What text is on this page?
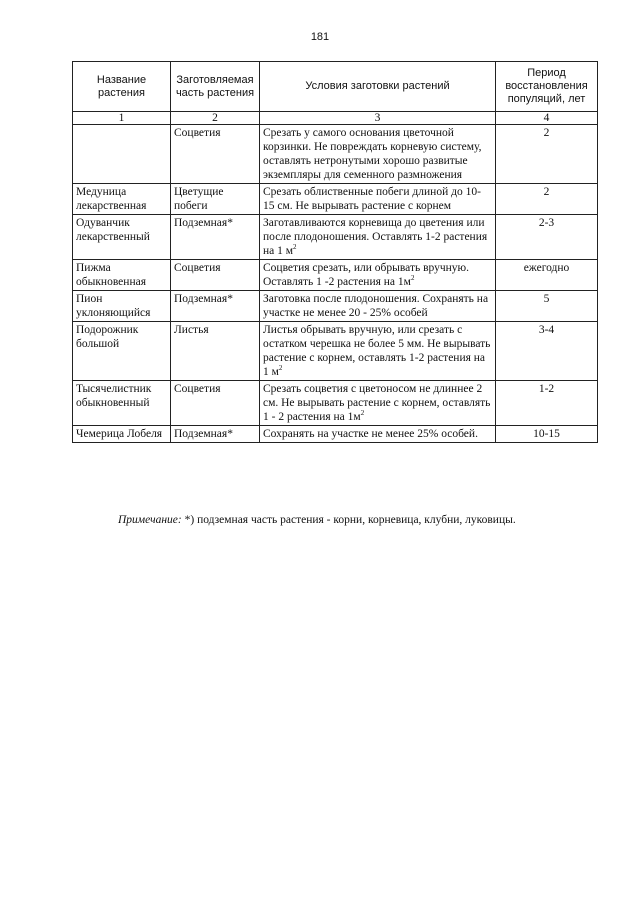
181
Название растения	Заготовляемая часть растения	Условия заготовки растений	Период восстановления популяций, лет
1	2	3	4
	Соцветия	Срезать у самого основания цветочной корзинки. Не повреждать корневую систему, оставлять нетронутыми хорошо развитые экземпляры для семенного размножения	2
Медуница лекарственная	Цветущие побеги	Срезать облиственные побеги длиной до 10-15 см. Не вырывать растение с корнем	2
Одуванчик лекарственный	Подземная*	Заготавливаются корневища до цветения или после плодоношения. Оставлять 1-2 растения на 1 $м^2$	2-3
Пижма обыкновенная	Соцветия	Соцветия срезать, или обрывать вручную. Оставлять 1 -2 растения на $1м^2$	ежегодно
Пион уклоняющийся	Подземная*	Заготовка после плодоношения. Сохранять на участке не менее 20 - 25% особей	5
Подорожник большой	Листья	Листья обрывать вручную, или срезать с остатком черешка не более 5 мм. Не вырывать растение с корнем, оставлять 1-2 растения на 1 $м^2$	3-4
Тысячелистник обыкновенный	Соцветия	Срезать соцветия с цветоносом не длиннее 2 см. Не вырывать растение с корнем, оставлять 1 - 2 растения на $1м^2$	1-2
Чемерица Лобеля	Подземная*	Сохранять на участке не менее 25% особей.	10-15
Примечание: *) подземная часть растения - корни, корневица, клубни, луковицы.
